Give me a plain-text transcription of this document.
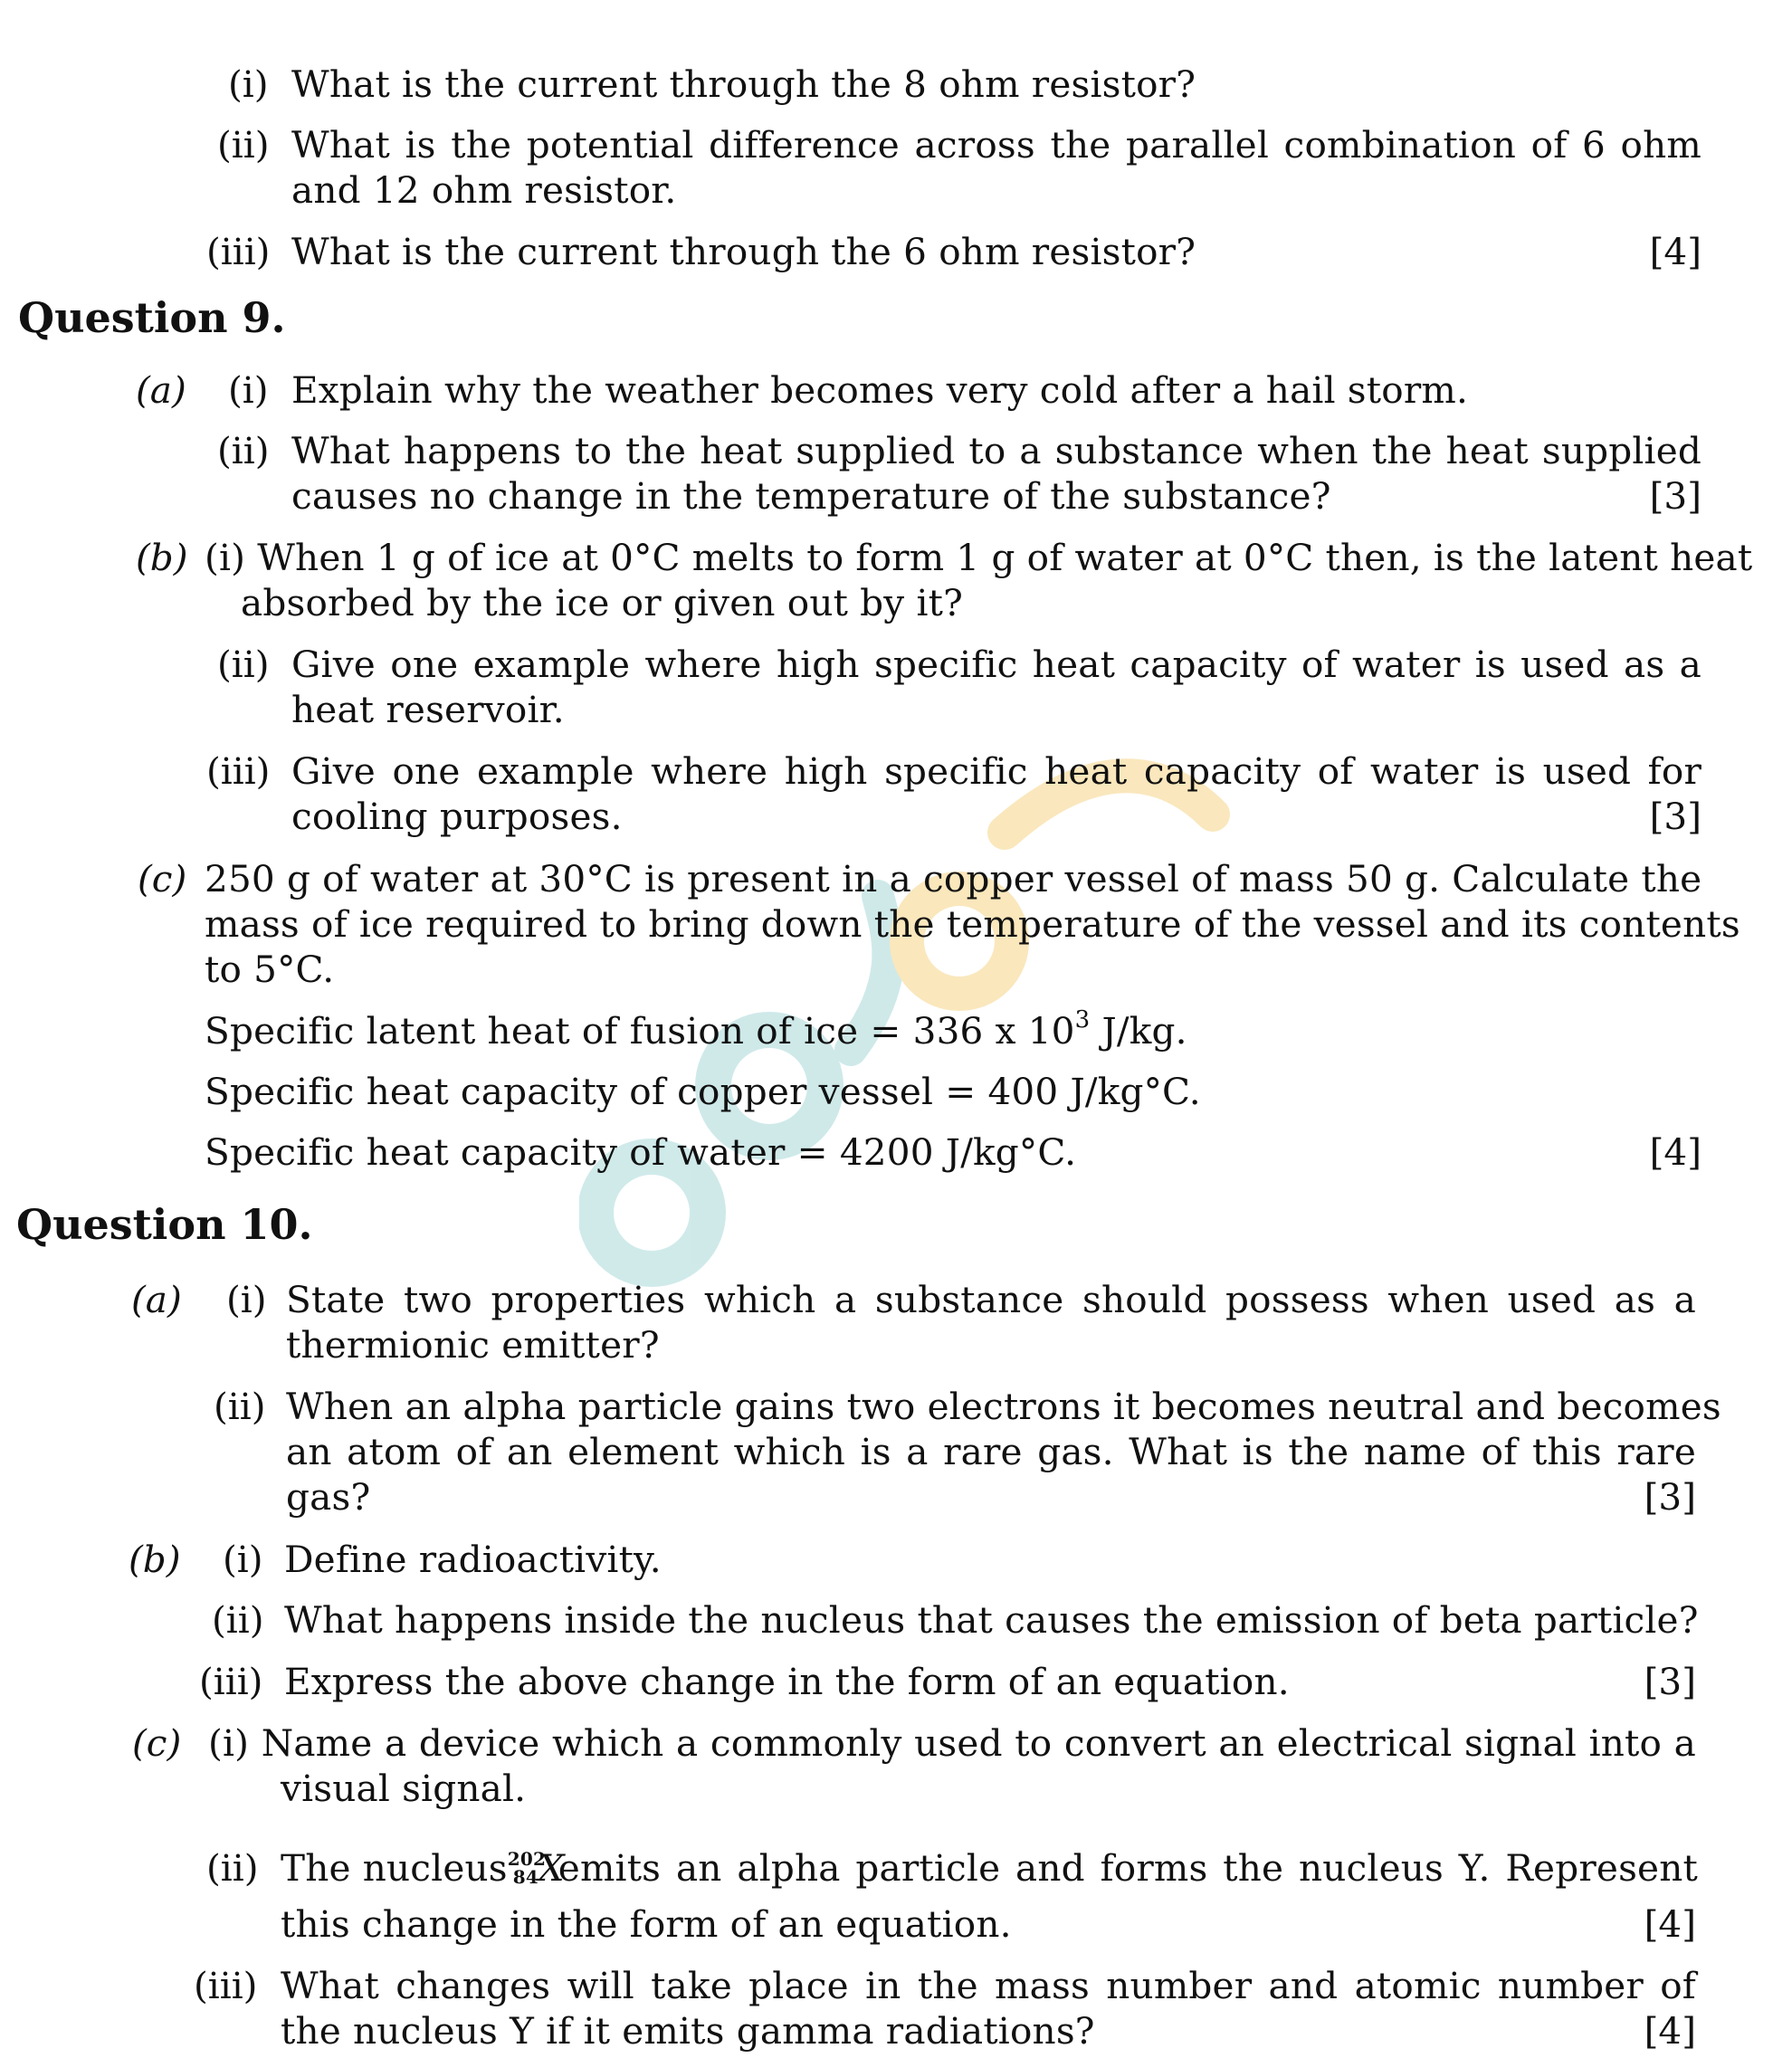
(i) What is the current through the 8 ohm resistor?
(ii) What is the potential difference across the parallel combination of 6 ohm
and 12 ohm resistor.
(iii) What is the current through the 6 ohm resistor?	[4]
Question 9.
(a) (i) Explain why the weather becomes very cold after a hail storm.
(ii) What happens to the heat supplied to a substance when the heat supplied
causes no change in the temperature of the substance?	[3]
(b) (i) When 1 g of ice at 0°C melts to form 1 g of water at 0°C then, is the latent heat
absorbed by the ice or given out by it?
(ii) Give one example where high specific heat capacity of water is used as a
heat reservoir.
(iii) Give one example where high specific heat capacity of water is used for
cooling purposes.	[3]
(c) 250 g of water at 30°C is present in a copper vessel of mass 50 g. Calculate the
mass of ice required to bring down the temperature of the vessel and its contents
to 5°C.
Specific latent heat of fusion of ice = 336 x $10^3$ J/kg.
Specific heat capacity of copper vessel = 400 J/kg°C.
Specific heat capacity of water = 4200 J/kg°C.	[4]
Question 10.
(a) (i) State two properties which a substance should possess when used as a
thermionic emitter?
(ii) When an alpha particle gains two electrons it becomes neutral and becomes
an atom of an element which is a rare gas. What is the name of this rare
gas?	[3]
(b) (i) Define radioactivity.
(ii) What happens inside the nucleus that causes the emission of beta particle?
(iii) Express the above change in the form of an equation.	[3]
(c) (i) Name a device which a commonly used to convert an electrical signal into a
visual signal.
(ii) The nucleus 202
84 X
emits an alpha particle and forms the nucleus Y. Represent
this change in the form of an equation.	[4]
(iii) What changes will take place in the mass number and atomic number of
the nucleus Y if it emits gamma radiations?	[4]
